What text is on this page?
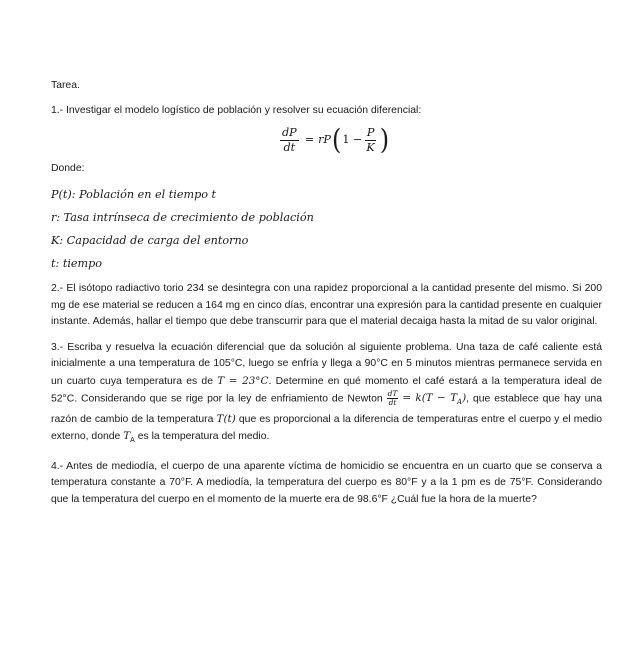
Tarea.

1.- Investigar el modelo logístico de población y resolver su ecuación diferencial:

$\frac{dP}{dt}$ = rP ( $1 - \frac{P}{K}$ )

Donde:

P(t): Población en el tiempo t

r: Tasa intrínseca de crecimiento de población

K: Capacidad de carga del entorno

t: tiempo

2.- El isótopo radiactivo torio 234 se desintegra con una rapidez proporcional a la cantidad presente del mismo. Si 200 mg de ese material se reducen a 164 mg en cinco días, encontrar una expresión para la cantidad presente en cualquier instante. Además, hallar el tiempo que debe transcurrir para que el material decaiga hasta la mitad de su valor original.

3.- Escriba y resuelva la ecuación diferencial que da solución al siguiente problema. Una taza de café caliente está inicialmente a una temperatura de 105°C, luego se enfría y llega a 90°C en 5 minutos mientras permanece servida en un cuarto cuya temperatura es de T = 23°C. Determine en qué momento el café estará a la temperatura ideal de 52°C. Considerando que se rige por la ley de enfriamiento de Newton $\frac{dT}{dt} = k(T - T_A)$, que establece que hay una razón de cambio de la temperatura T(t) que es proporcional a la diferencia de temperaturas entre el cuerpo y el medio externo, donde $T_A$ es la temperatura del medio.

4.- Antes de mediodía, el cuerpo de una aparente víctima de homicidio se encuentra en un cuarto que se conserva a temperatura constante a 70°F. A mediodía, la temperatura del cuerpo es 80°F y a la 1 pm es de 75°F. Considerando que la temperatura del cuerpo en el momento de la muerte era de 98.6°F ¿Cuál fue la hora de la muerte?
